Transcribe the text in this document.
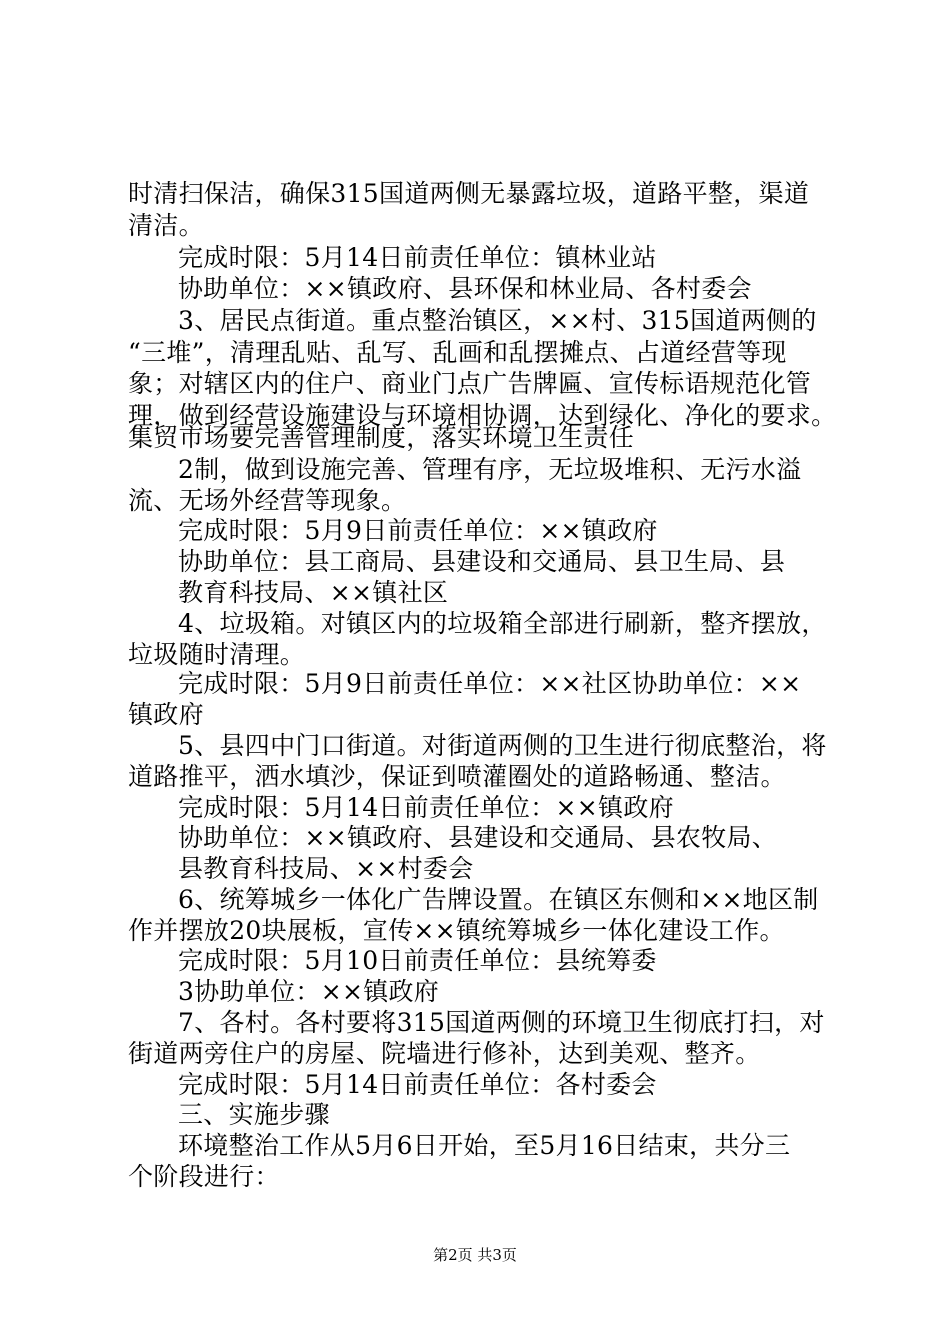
时清扫保洁，确保315国道两侧无暴露垃圾，道路平整，渠道
清洁。
完成时限：5月14日前责任单位：镇林业站
协助单位：××镇政府、县环保和林业局、各村委会
3、居民点街道。重点整治镇区，××村、315国道两侧的
“三堆”，清理乱贴、乱写、乱画和乱摆摊点、占道经营等现
象；对辖区内的住户、商业门点广告牌匾、宣传标语规范化管
理，做到经营设施建设与环境相协调，达到绿化、净化的要求。
集贸市场要完善管理制度，落实环境卫生责任
2制，做到设施完善、管理有序，无垃圾堆积、无污水溢
流、无场外经营等现象。
完成时限：5月9日前责任单位：××镇政府
协助单位：县工商局、县建设和交通局、县卫生局、县
教育科技局、××镇社区
4、垃圾箱。对镇区内的垃圾箱全部进行刷新，整齐摆放，
垃圾随时清理。
完成时限：5月9日前责任单位：××社区协助单位：××
镇政府
5、县四中门口街道。对街道两侧的卫生进行彻底整治，将
道路推平，洒水填沙，保证到喷灌圈处的道路畅通、整洁。
完成时限：5月14日前责任单位：××镇政府
协助单位：××镇政府、县建设和交通局、县农牧局、
县教育科技局、××村委会
6、统筹城乡一体化广告牌设置。在镇区东侧和××地区制
作并摆放20块展板，宣传××镇统筹城乡一体化建设工作。
完成时限：5月10日前责任单位：县统筹委
3协助单位：××镇政府
7、各村。各村要将315国道两侧的环境卫生彻底打扫，对
街道两旁住户的房屋、院墙进行修补，达到美观、整齐。
完成时限：5月14日前责任单位：各村委会
三、实施步骤
环境整治工作从5月6日开始，至5月16日结束，共分三
个阶段进行：
第2页 共3页
